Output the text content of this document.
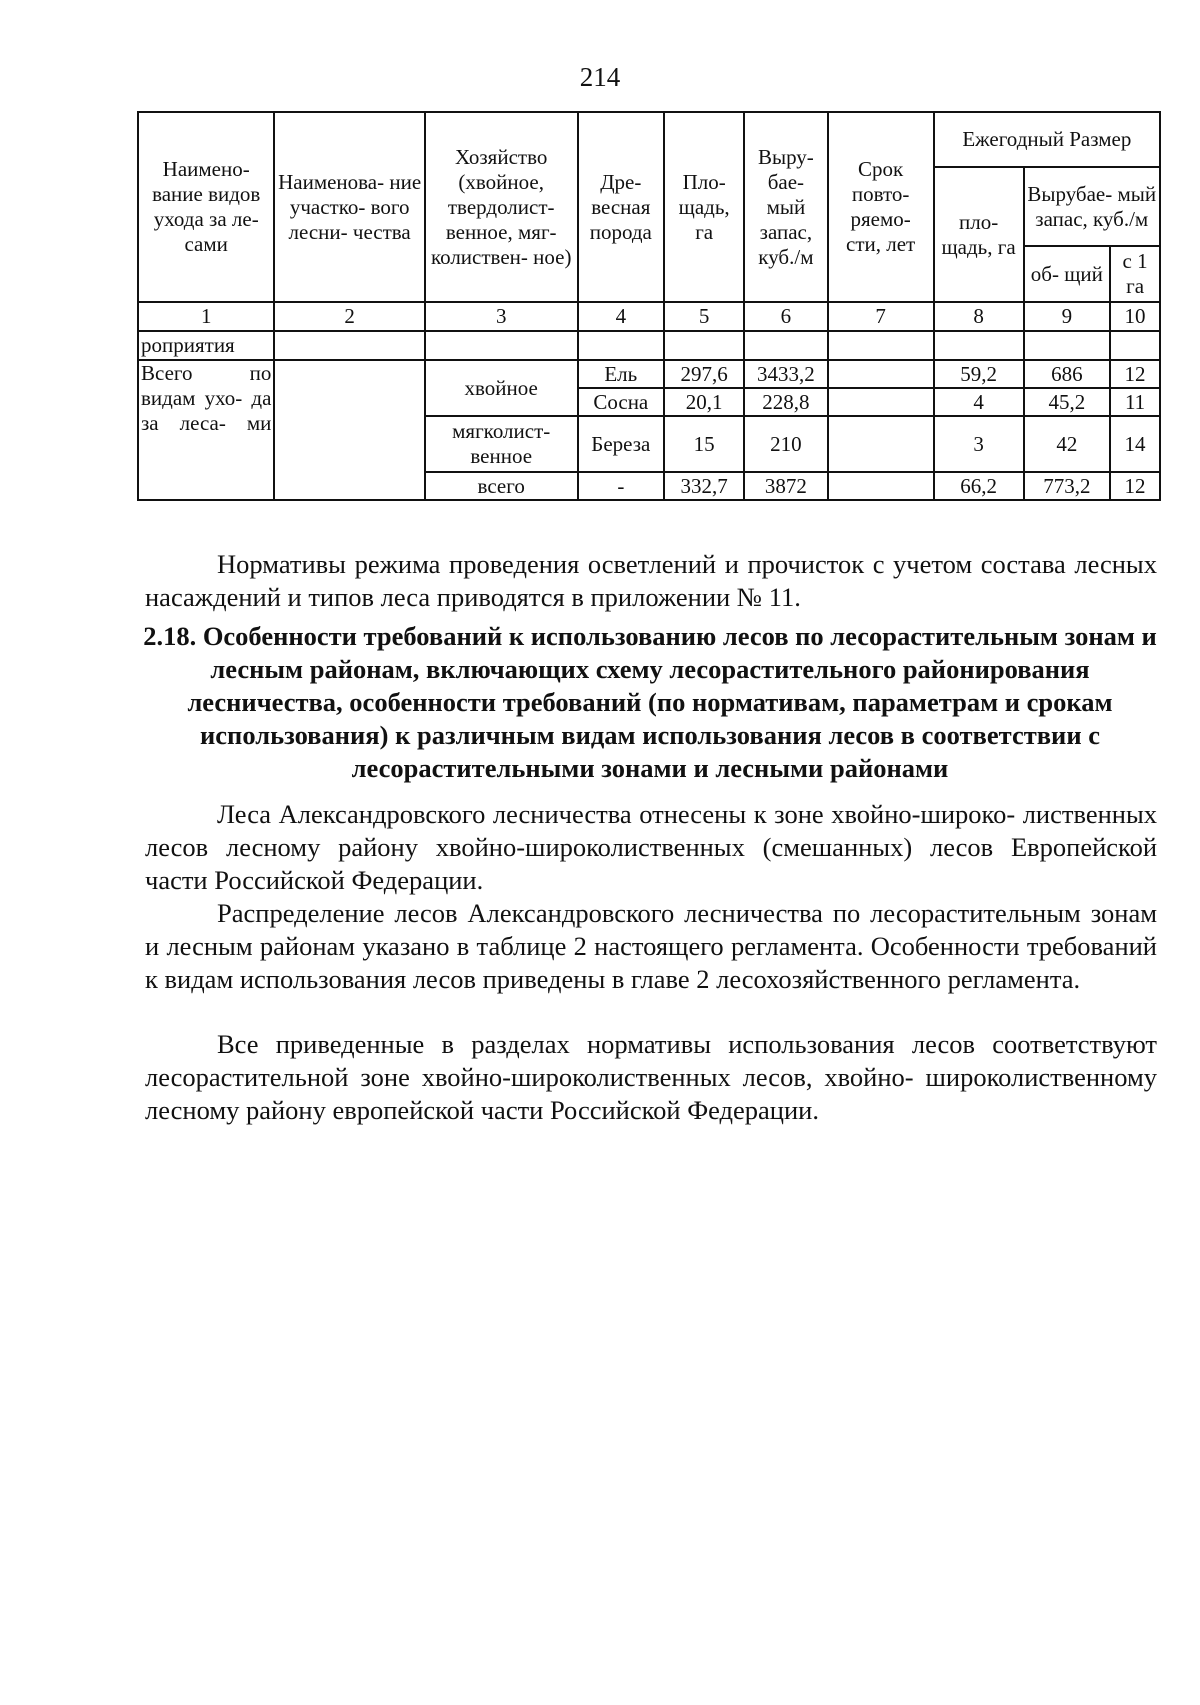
214
Наимено- вание видов ухода за ле- сами	Наименова- ние участко- вого лесни- чества	Хозяйство (хвойное, твердолист- венное, мяг- колиствен- ное)	Дре- весная порода	Пло- щадь, га	Выру- бае- мый запас, куб./м	Срок повто- ряемо- сти, лет	Ежегодный Размер		
							пло- щадь, га	Вырубае- мый запас, куб./м	
								об- щий	с 1 га
1	2	3	4	5	6	7	8	9	10
роприятия									
Всего по видам ухо- да за леса- ми		хвойное	Ель	297,6	3433,2		59,2	686	12
			Сосна	20,1	228,8		4	45,2	11
		мягколист- венное	Береза	15	210		3	42	14
		всего	-	332,7	3872		66,2	773,2	12

Нормативы режима проведения осветлений и прочисток с учетом состава лесных насаждений и типов леса приводятся в приложении № 11.

2.18. Особенности требований к использованию лесов по лесорастительным зонам и лесным районам, включающих схему лесорастительного районирования лесничества, особенности требований (по нормативам, параметрам и срокам использования) к различным видам использования лесов в соответствии с лесорастительными зонами и лесными районами

Леса Александровского лесничества отнесены к зоне хвойно-широко- лиственных лесов лесному району хвойно-широколиственных (смешанных) лесов Европейской части Российской Федерации.

Распределение лесов Александровского лесничества по лесорастительным зонам и лесным районам указано в таблице 2 настоящего регламента. Особенности требований к видам использования лесов приведены в главе 2 лесохозяйственного регламента.

Все приведенные в разделах нормативы использования лесов соответствуют лесорастительной зоне хвойно-широколиственных лесов, хвойно- широколиственному лесному району европейской части Российской Федерации.
